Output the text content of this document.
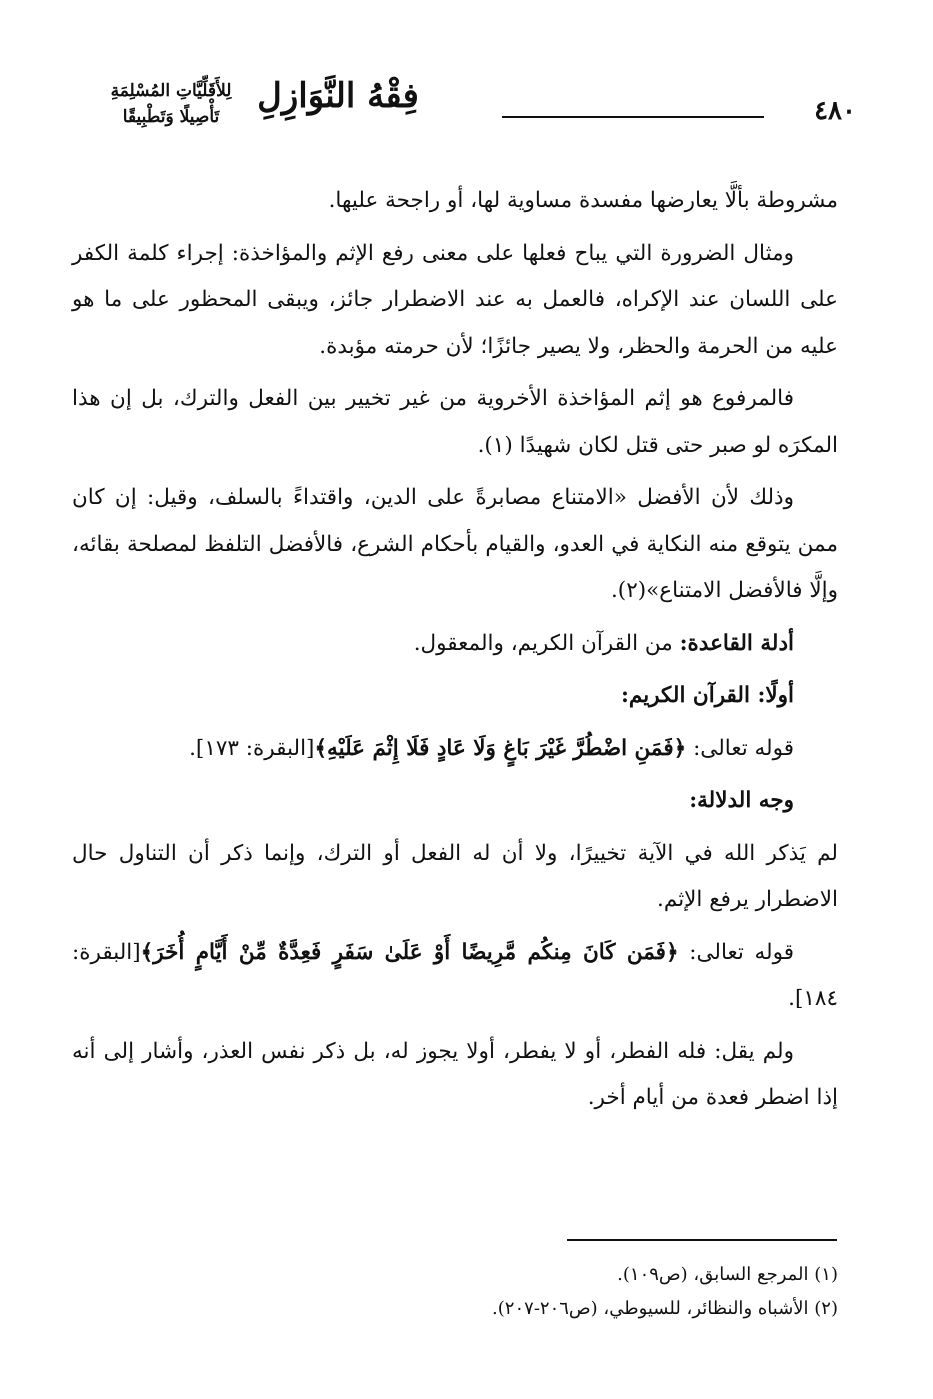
٤٨٠
فِقْهُ النَّوَازِلِ
لِلأَقَلِّيَّاتِ المُسْلِمَةِ
تَأْصِيلًا وَتَطْبِيقًا

مشروطة بألَّا يعارضها مفسدة مساوية لها، أو راجحة عليها.

ومثال الضرورة التي يباح فعلها على معنى رفع الإثم والمؤاخذة: إجراء كلمة الكفر على اللسان عند الإكراه، فالعمل به عند الاضطرار جائز، ويبقى المحظور على ما هو عليه من الحرمة والحظر، ولا يصير جائزًا؛ لأن حرمته مؤبدة.

فالمرفوع هو إثم المؤاخذة الأخروية من غير تخيير بين الفعل والترك، بل إن هذا المكرَه لو صبر حتى قتل لكان شهيدًا (١).

وذلك لأن الأفضل «الامتناع مصابرةً على الدين، واقتداءً بالسلف، وقيل: إن كان ممن يتوقع منه النكاية في العدو، والقيام بأحكام الشرع، فالأفضل التلفظ لمصلحة بقائه، وإلَّا فالأفضل الامتناع»(٢).

أدلة القاعدة: من القرآن الكريم، والمعقول.

أولًا: القرآن الكريم:

قوله تعالى: ﴿فَمَنِ اضْطُرَّ غَيْرَ بَاغٍ وَلَا عَادٍ فَلَا إِثْمَ عَلَيْهِ﴾[البقرة: ١٧٣].

وجه الدلالة:

لم يَذكر الله في الآية تخييرًا، ولا أن له الفعل أو الترك، وإنما ذكر أن التناول حال الاضطرار يرفع الإثم.

قوله تعالى: ﴿فَمَن كَانَ مِنكُم مَّرِيضًا أَوْ عَلَىٰ سَفَرٍ فَعِدَّةٌ مِّنْ أَيَّامٍ أُخَرَ﴾[البقرة: ١٨٤].

ولم يقل: فله الفطر، أو لا يفطر، أولا يجوز له، بل ذكر نفس العذر، وأشار إلى أنه إذا اضطر فعدة من أيام أخر.

(١) المرجع السابق، (ص١٠٩).
(٢) الأشباه والنظائر، للسيوطي، (ص٢٠٦-٢٠٧).
